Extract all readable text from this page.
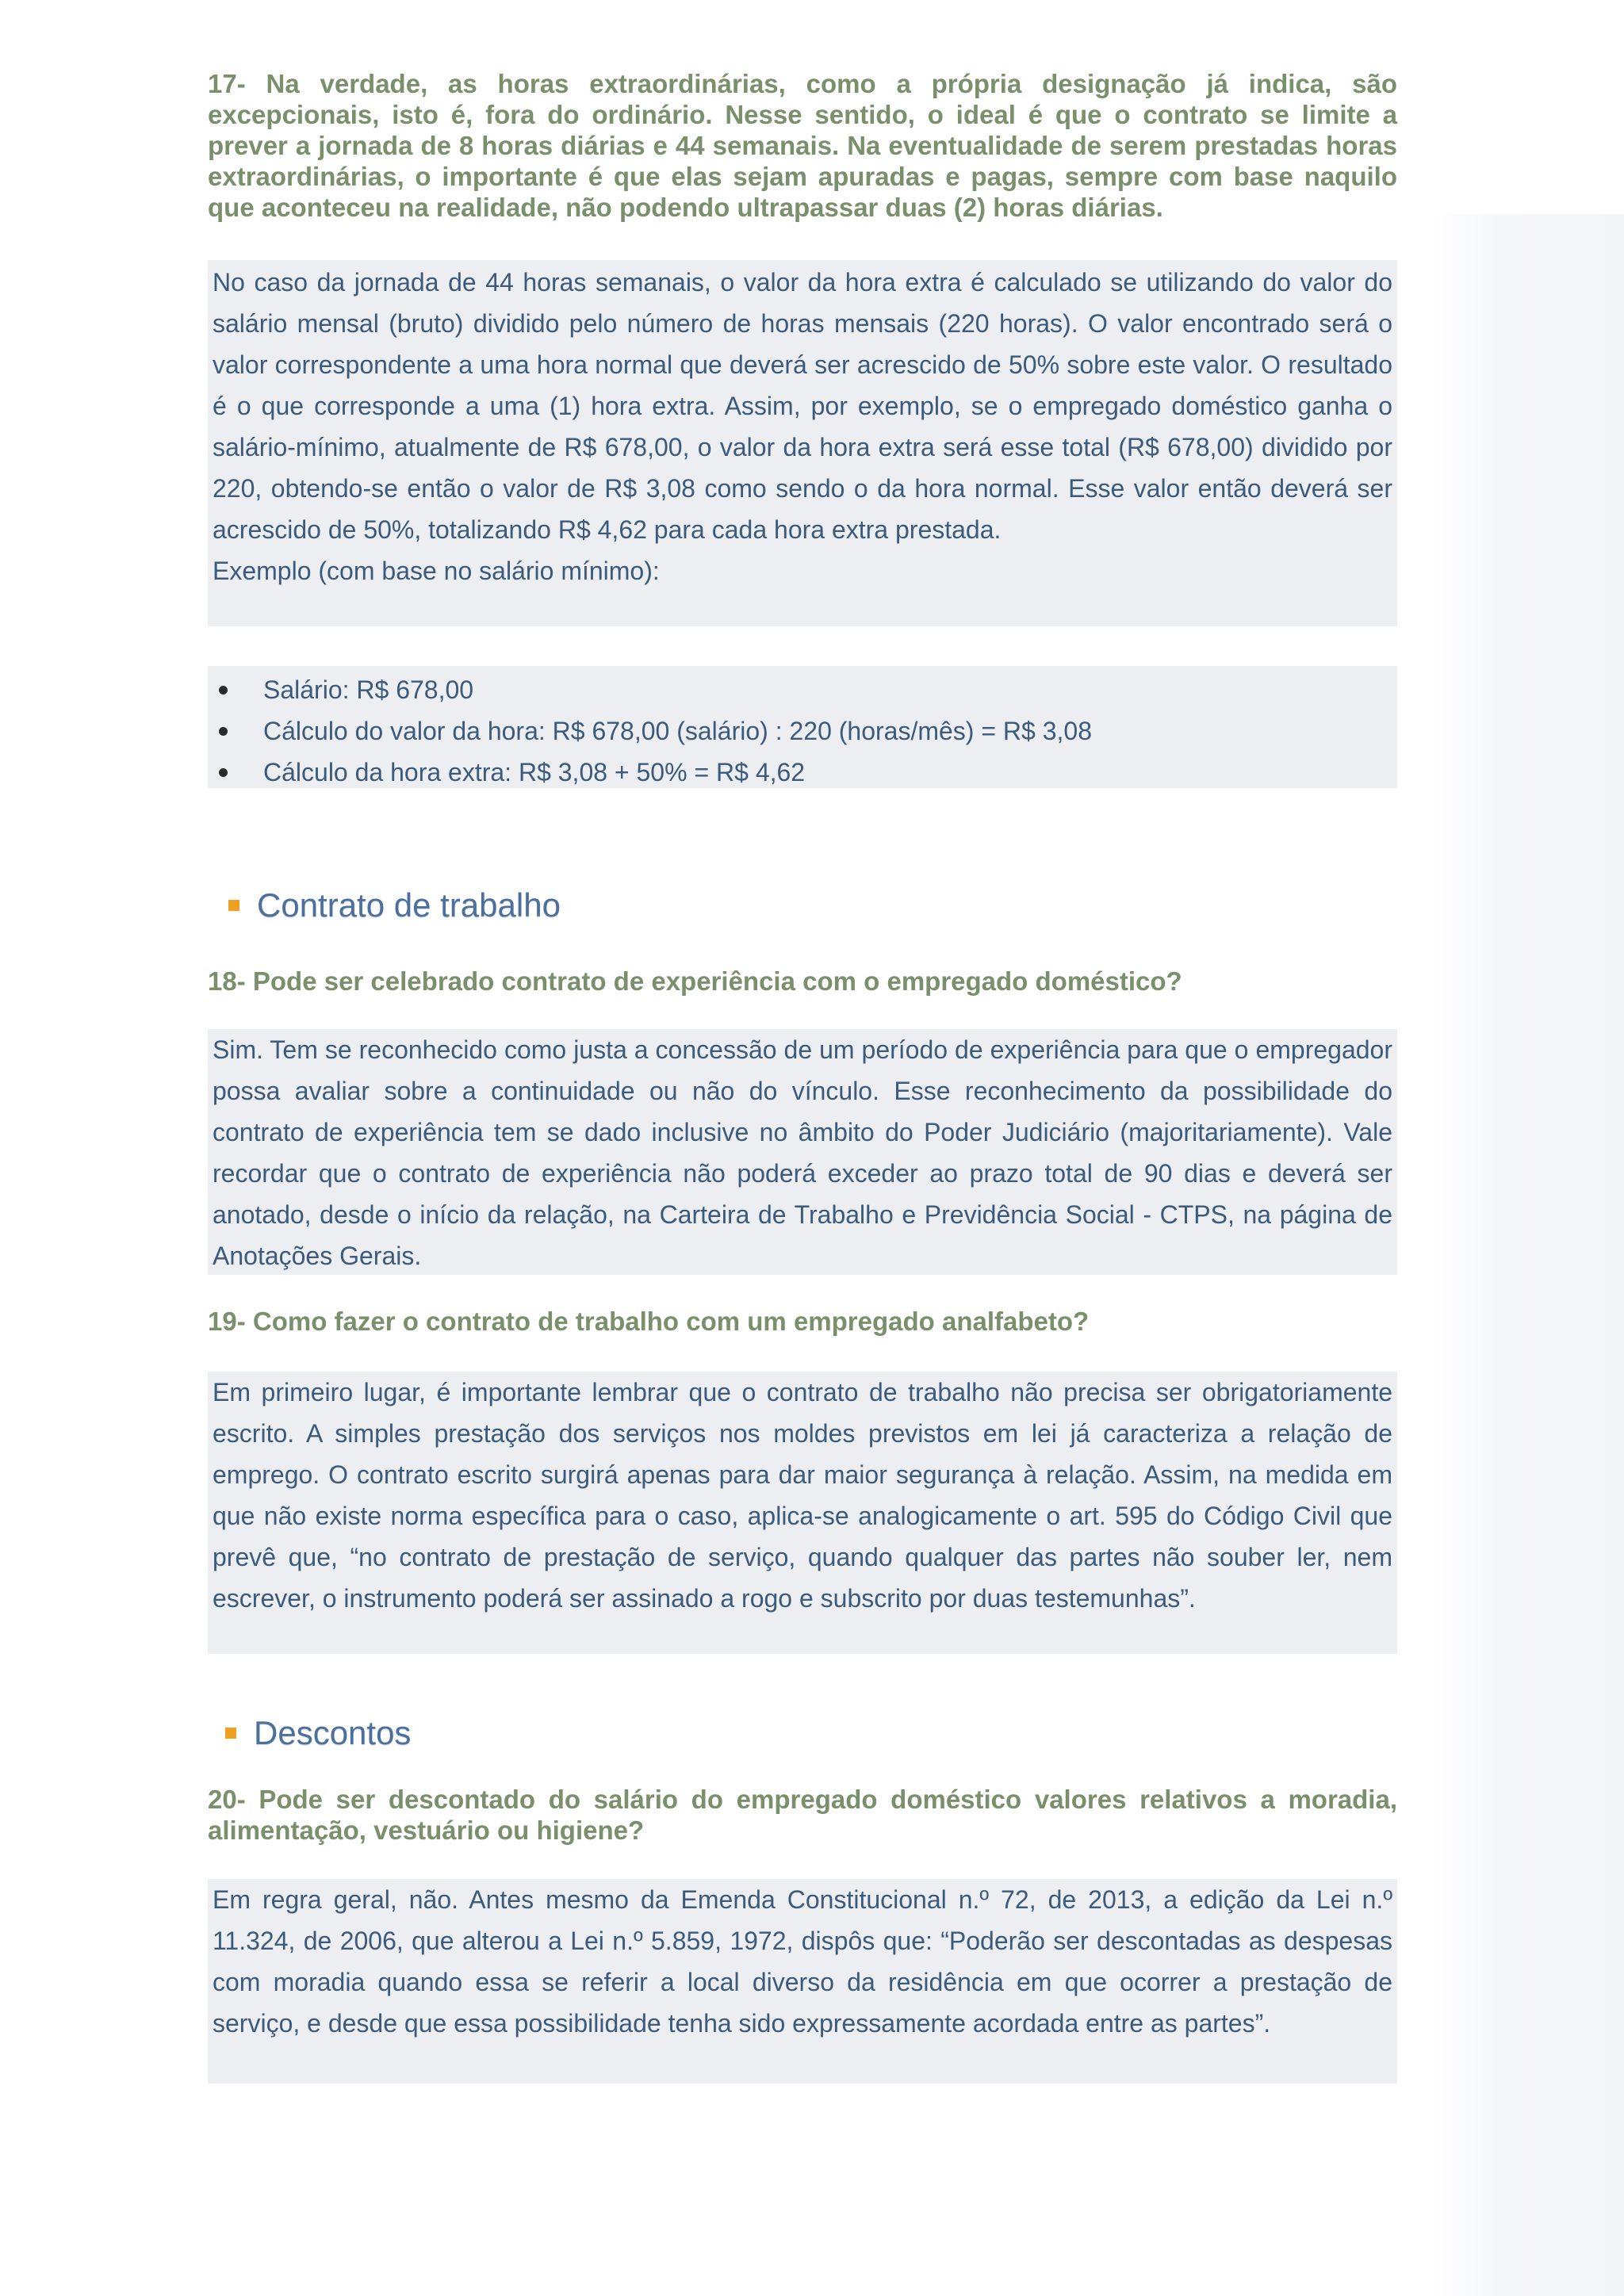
17- Na verdade, as horas extraordinárias, como a própria designação já indica, são excepcionais, isto é, fora do ordinário. Nesse sentido, o ideal é que o contrato se limite a prever a jornada de 8 horas diárias e 44 semanais. Na eventualidade de serem prestadas horas extraordinárias, o importante é que elas sejam apuradas e pagas, sempre com base naquilo que aconteceu na realidade, não podendo ultrapassar duas (2) horas diárias.

No caso da jornada de 44 horas semanais, o valor da hora extra é calculado se utilizando do valor do salário mensal (bruto) dividido pelo número de horas mensais (220 horas). O valor encontrado será o valor correspondente a uma hora normal que deverá ser acrescido de 50% sobre este valor. O resultado é o que corresponde a uma (1) hora extra. Assim, por exemplo, se o empregado doméstico ganha o salário-mínimo, atualmente de R$ 678,00, o valor da hora extra será esse total (R$ 678,00) dividido por 220, obtendo-se então o valor de R$ 3,08 como sendo o da hora normal. Esse valor então deverá ser acrescido de 50%, totalizando R$ 4,62 para cada hora extra prestada.

Exemplo (com base no salário mínimo):

Salário: R$ 678,00
Cálculo do valor da hora: R$ 678,00 (salário) : 220 (horas/mês) = R$ 3,08
Cálculo da hora extra: R$ 3,08 + 50% = R$ 4,62
Contrato de trabalho

18- Pode ser celebrado contrato de experiência com o empregado doméstico?

Sim. Tem se reconhecido como justa a concessão de um período de experiência para que o empregador possa avaliar sobre a continuidade ou não do vínculo. Esse reconhecimento da possibilidade do contrato de experiência tem se dado inclusive no âmbito do Poder Judiciário (majoritariamente). Vale recordar que o contrato de experiência não poderá exceder ao prazo total de 90 dias e deverá ser anotado, desde o início da relação, na Carteira de Trabalho e Previdência Social - CTPS, na página de Anotações Gerais.

19- Como fazer o contrato de trabalho com um empregado analfabeto?

Em primeiro lugar, é importante lembrar que o contrato de trabalho não precisa ser obrigatoriamente escrito. A simples prestação dos serviços nos moldes previstos em lei já caracteriza a relação de emprego. O contrato escrito surgirá apenas para dar maior segurança à relação. Assim, na medida em que não existe norma específica para o caso, aplica-se analogicamente o art. 595 do Código Civil que prevê que, “no contrato de prestação de serviço, quando qualquer das partes não souber ler, nem escrever, o instrumento poderá ser assinado a rogo e subscrito por duas testemunhas”.

Descontos

20- Pode ser descontado do salário do empregado doméstico valores relativos a moradia, alimentação, vestuário ou higiene?

Em regra geral, não. Antes mesmo da Emenda Constitucional n.º 72, de 2013, a edição da Lei n.º 11.324, de 2006, que alterou a Lei n.º 5.859, 1972, dispôs que: “Poderão ser descontadas as despesas com moradia quando essa se referir a local diverso da residência em que ocorrer a prestação de serviço, e desde que essa possibilidade tenha sido expressamente acordada entre as partes”.
